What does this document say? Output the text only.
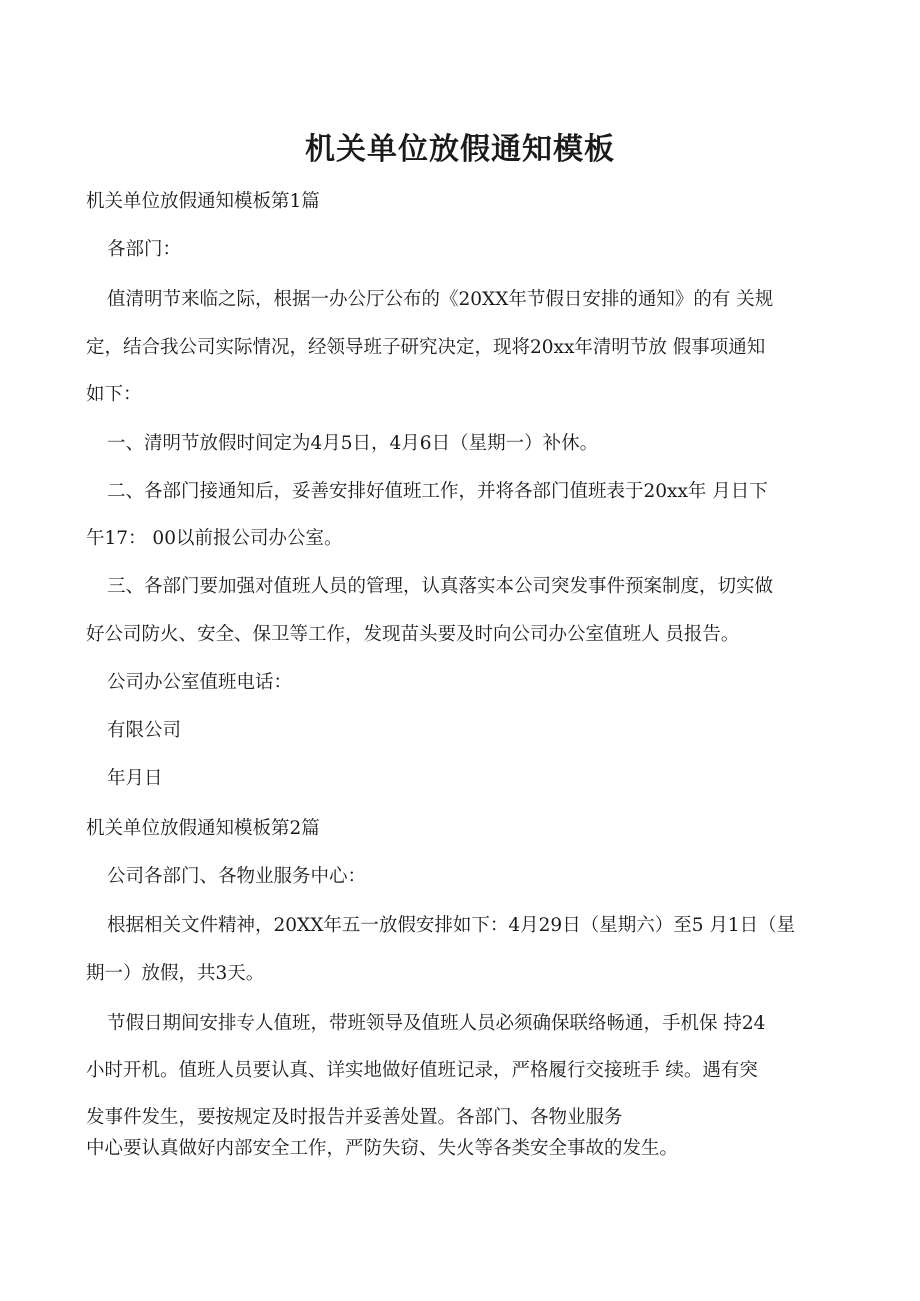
机关单位放假通知模板
机关单位放假通知模板第1篇
各部门：
值清明节来临之际，根据一办公厅公布的《20XX年节假日安排的通知》的有 关规
定，结合我公司实际情况，经领导班子研究决定，现将20xx年清明节放 假事项通知
如下：
一、清明节放假时间定为4月5日，4月6日（星期一）补休。
二、各部门接通知后，妥善安排好值班工作，并将各部门值班表于20xx年 月日下
午17： 00以前报公司办公室。
三、各部门要加强对值班人员的管理，认真落实本公司突发事件预案制度，切实做
好公司防火、安全、保卫等工作，发现苗头要及时向公司办公室值班人 员报告。
公司办公室值班电话：
有限公司
年月日
机关单位放假通知模板第2篇
公司各部门、各物业服务中心：
根据相关文件精神，20XX年五一放假安排如下：4月29日（星期六）至5 月1日（星
期一）放假，共3天。
节假日期间安排专人值班，带班领导及值班人员必须确保联络畅通，手机保 持24
小时开机。值班人员要认真、详实地做好值班记录，严格履行交接班手 续。遇有突
发事件发生，要按规定及时报告并妥善处置。各部门、各物业服务
中心要认真做好内部安全工作，严防失窃、失火等各类安全事故的发生。
